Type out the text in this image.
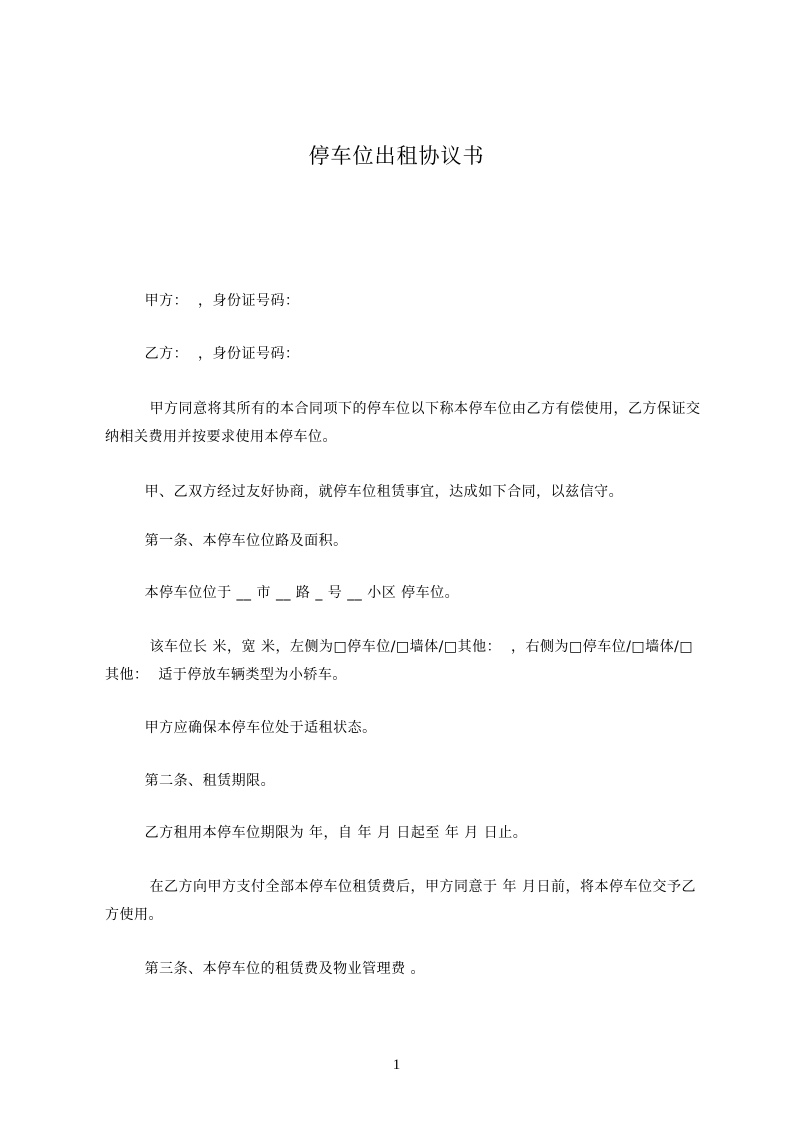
停车位出租协议书
甲方：  ，身份证号码：
乙方：  ，身份证号码：
甲方同意将其所有的本合同项下的停车位以下称本停车位由乙方有偿使用，乙方保证交纳相关费用并按要求使用本停车位。
甲、乙双方经过友好协商，就停车位租赁事宜，达成如下合同，以兹信守。
第一条、本停车位位路及面积。
本停车位位于 __ 市 __ 路 _ 号 __ 小区 停车位。
该车位长 米，宽 米，左侧为□停车位/□墙体/□其他：  ，右侧为□停车位/□墙体/□其他：  适于停放车辆类型为小轿车。
甲方应确保本停车位处于适租状态。
第二条、租赁期限。
乙方租用本停车位期限为 年，自 年 月 日起至 年 月 日止。
在乙方向甲方支付全部本停车位租赁费后，甲方同意于 年 月日前，将本停车位交予乙方使用。
第三条、本停车位的租赁费及物业管理费 。
1
